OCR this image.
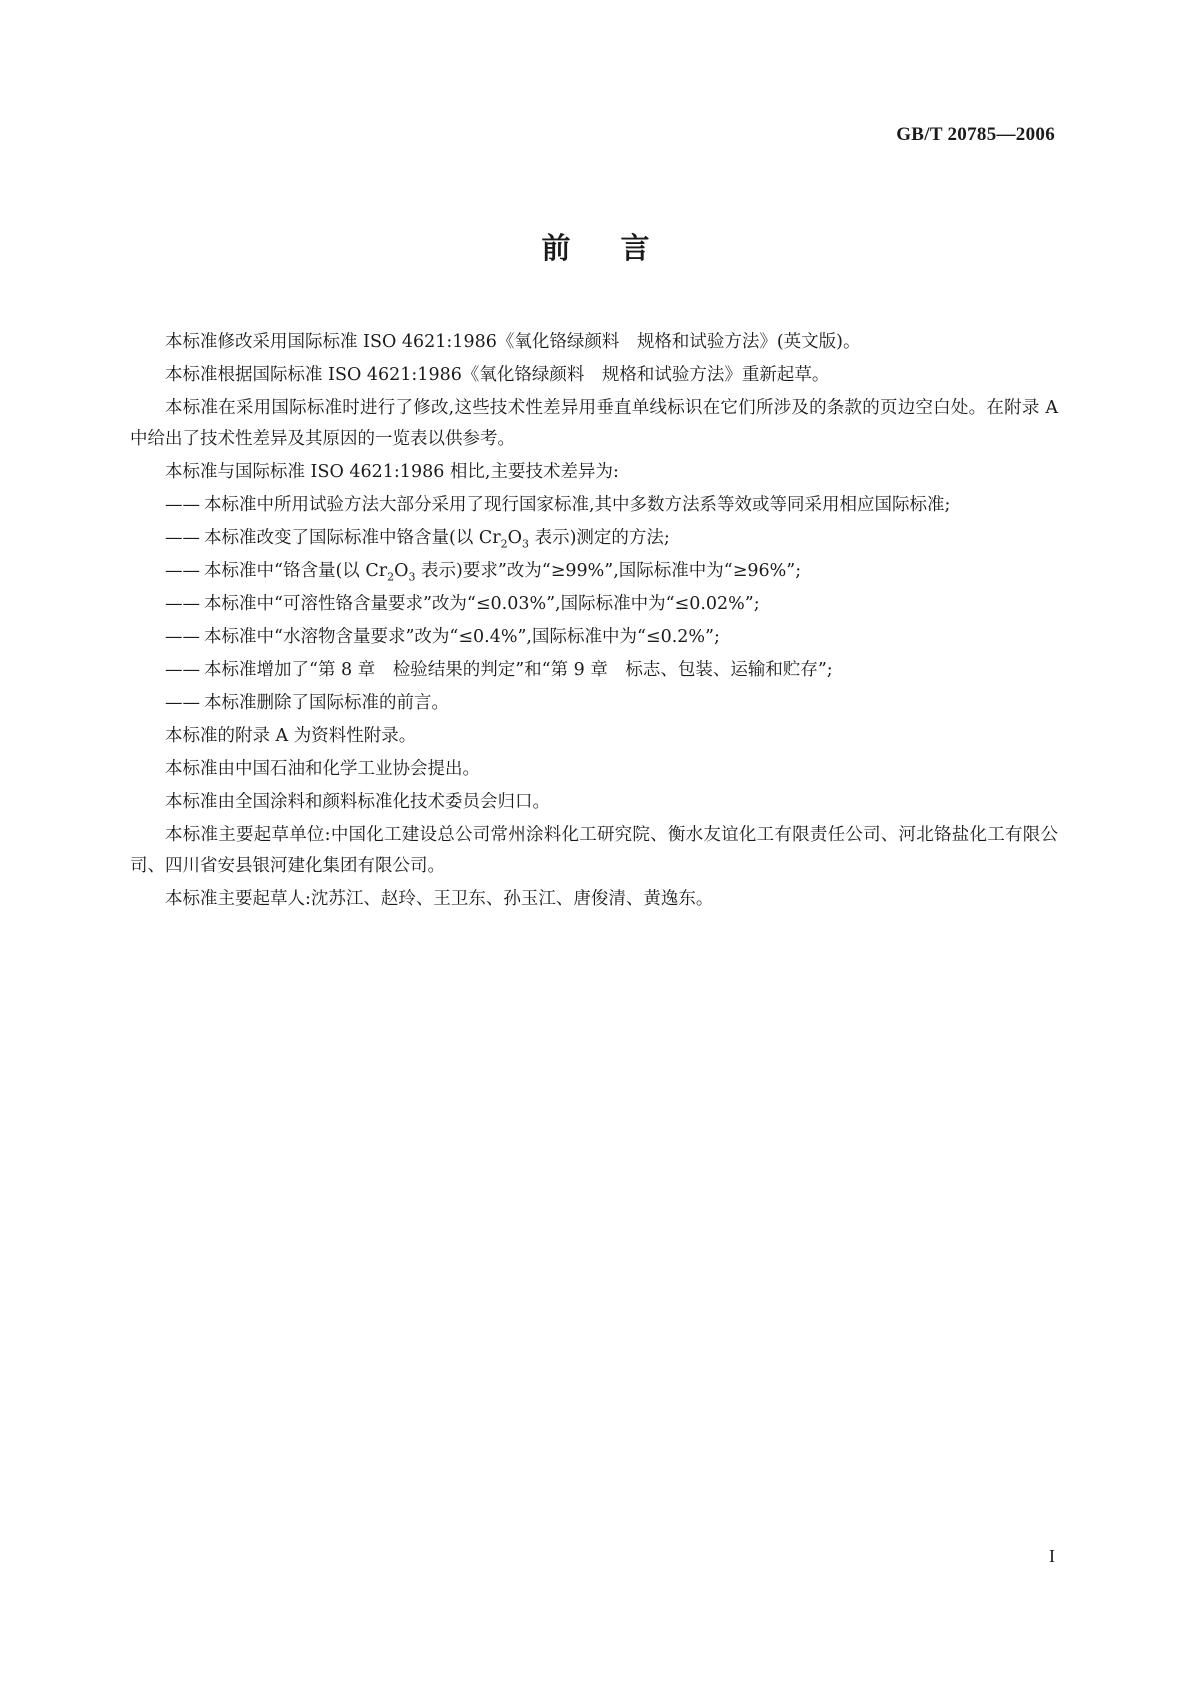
GB/T 20785—2006
前言

本标准修改采用国际标准 ISO 4621:1986《氧化铬绿颜料　规格和试验方法》(英文版)。

本标准根据国际标准 ISO 4621:1986《氧化铬绿颜料　规格和试验方法》重新起草。

本标准在采用国际标准时进行了修改,这些技术性差异用垂直单线标识在它们所涉及的条款的页边空白处。在附录 A 中给出了技术性差异及其原因的一览表以供参考。

本标准与国际标准 ISO 4621:1986 相比,主要技术差异为:

—— 本标准中所用试验方法大部分采用了现行国家标准,其中多数方法系等效或等同采用相应国际标准;

—— 本标准改变了国际标准中铬含量(以 $Cr_2O_3$ 表示)测定的方法;

—— 本标准中“铬含量(以 $Cr_2O_3$ 表示)要求”改为“≥99%”,国际标准中为“≥96%”;

—— 本标准中“可溶性铬含量要求”改为“≤0.03%”,国际标准中为“≤0.02%”;

—— 本标准中“水溶物含量要求”改为“≤0.4%”,国际标准中为“≤0.2%”;

—— 本标准增加了“第 8 章　检验结果的判定”和“第 9 章　标志、包装、运输和贮存”;

—— 本标准删除了国际标准的前言。

本标准的附录 A 为资料性附录。

本标准由中国石油和化学工业协会提出。

本标准由全国涂料和颜料标准化技术委员会归口。

本标准主要起草单位:中国化工建设总公司常州涂料化工研究院、衡水友谊化工有限责任公司、河北铬盐化工有限公司、四川省安县银河建化集团有限公司。

本标准主要起草人:沈苏江、赵玲、王卫东、孙玉江、唐俊清、黄逸东。

I
